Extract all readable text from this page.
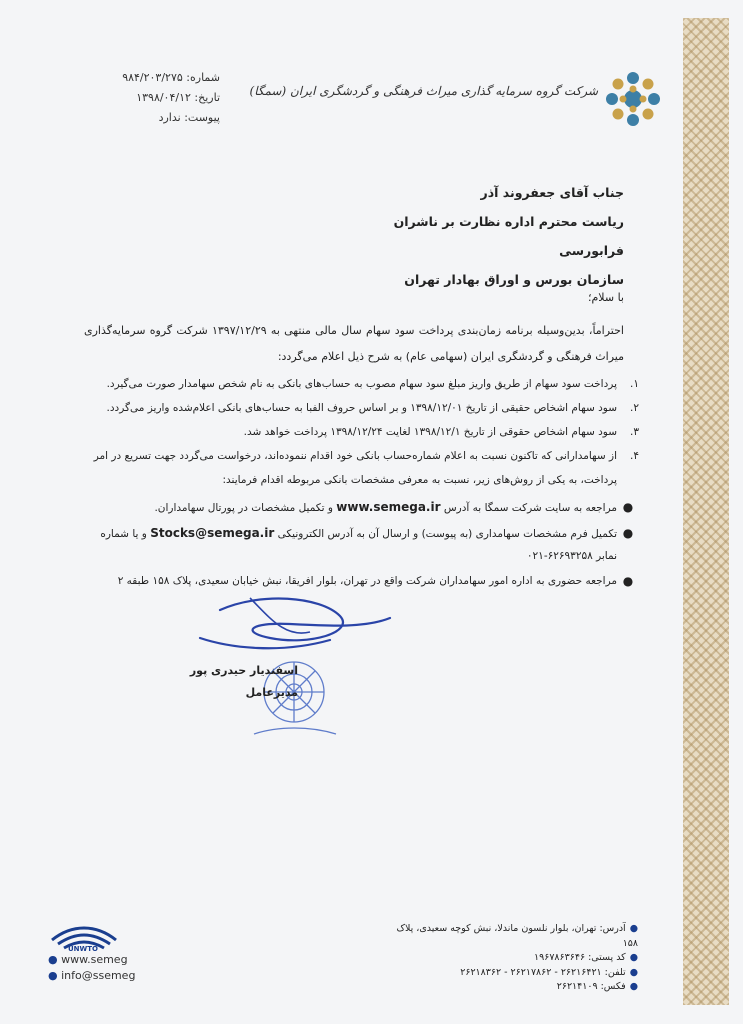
شماره: ۹۸۴/۲۰۳/۲۷۵
تاریخ: ۱۳۹۸/۰۴/۱۲
پیوست: ندارد
شرکت گروه سرمایه گذاری میراث فرهنگی و گردشگری ایران (سمگا)
جناب آقای جعفروند آذر
ریاست محترم اداره نظارت بر ناشران فرابورسی
سازمان بورس و اوراق بهادار تهران
با سلام؛
احتراماً، بدین‌وسیله برنامه زمان‌بندی پرداخت سود سهام سال مالی منتهی به ۱۳۹۷/۱۲/۲۹ شرکت گروه سرمایه‌گذاری میراث فرهنگی و گردشگری ایران (سهامی عام) به شرح ذیل اعلام می‌گردد:
۱.
پرداخت سود سهام از طریق واریز مبلغ سود سهام مصوب به حساب‌های بانکی به نام شخص سهامدار صورت می‌گیرد.
۲.
سود سهام اشخاص حقیقی از تاریخ ۱۳۹۸/۱۲/۰۱ و بر اساس حروف الفبا به حساب‌های بانکی اعلام‌شده واریز می‌گردد.
۳.
سود سهام اشخاص حقوقی از تاریخ ۱۳۹۸/۱۲/۱ لغایت ۱۳۹۸/۱۲/۲۴ پرداخت خواهد شد.
۴.
از سهامدارانی که تاکنون نسبت به اعلام شماره‌حساب بانکی خود اقدام ننموده‌اند، درخواست می‌گردد جهت تسریع در امر پرداخت، به یکی از روش‌های زیر، نسبت به معرفی مشخصات بانکی مربوطه اقدام فرمایند:
●
مراجعه به سایت شرکت سمگا به آدرس www.semega.ir و تکمیل مشخصات در پورتال سهامداران.
●
تکمیل فرم مشخصات سهامداری (به پیوست) و ارسال آن به آدرس الکترونیکی Stocks@semega.ir و یا شماره نمابر ۶۲۶۹۳۲۵۸-۰۲۱
●
مراجعه حضوری به اداره امور سهامداران شرکت واقع در تهران، بلوار افریقا، نبش خیابان سعیدی، پلاک ۱۵۸ طبقه ۲
اسفندیار حیدری پور
مدیرعامل
UNWTO
● www.semeg
● info@ssemeg
●آدرس: تهران، بلوار نلسون ماندلا، نبش کوچه سعیدی، پلاک ۱۵۸
●کد پستی: ۱۹۶۷۸۶۳۶۴۶
●تلفن: ۲۶۲۱۶۴۲۱ - ۲۶۲۱۷۸۶۲ - ۲۶۲۱۸۳۶۲
●فکس: ۲۶۲۱۴۱۰۹
